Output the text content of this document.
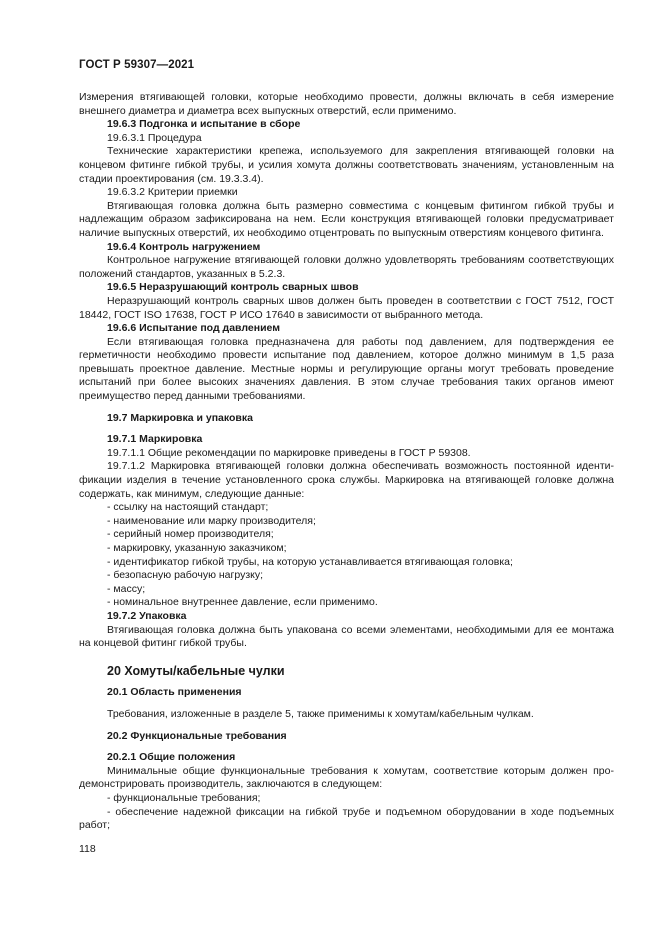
ГОСТ Р 59307—2021

Измерения втягивающей головки, которые необходимо провести, должны включать в себя измерение внешнего диаметра и диаметра всех выпускных отверстий, если применимо.

19.6.3 Подгонка и испытание в сборе

19.6.3.1 Процедура

Технические характеристики крепежа, используемого для закрепления втягивающей головки на концевом фитинге гибкой трубы, и усилия хомута должны соответствовать значениям, установленным на стадии проектирования (см. 19.3.3.4).

19.6.3.2 Критерии приемки

Втягивающая головка должна быть размерно совместима с концевым фитингом гибкой трубы и надлежащим образом зафиксирована на нем. Если конструкция втягивающей головки предусматривает наличие выпускных отверстий, их необходимо отцентровать по выпускным отверстиям концевого фитинга.

19.6.4 Контроль нагружением

Контрольное нагружение втягивающей головки должно удовлетворять требованиям соответствующих положений стандартов, указанных в 5.2.3.

19.6.5 Неразрушающий контроль сварных швов

Неразрушающий контроль сварных швов должен быть проведен в соответствии с ГОСТ 7512, ГОСТ 18442, ГОСТ ISO 17638, ГОСТ Р ИСО 17640 в зависимости от выбранного метода.

19.6.6 Испытание под давлением

Если втягивающая головка предназначена для работы под давлением, для подтверждения ее герметичности необходимо провести испытание под давлением, которое должно минимум в 1,5 раза превышать проектное давление. Местные нормы и регулирующие органы могут требовать проведение испытаний при более высоких значениях давления. В этом случае требования таких органов имеют преимущество перед данными требованиями.

19.7 Маркировка и упаковка

19.7.1 Маркировка

19.7.1.1 Общие рекомендации по маркировке приведены в ГОСТ Р 59308.

19.7.1.2 Маркировка втягивающей головки должна обеспечивать возможность постоянной идентификации изделия в течение установленного срока службы. Маркировка на втягивающей головке должна содержать, как минимум, следующие данные:

- ссылку на настоящий стандарт;

- наименование или марку производителя;

- серийный номер производителя;

- маркировку, указанную заказчиком;

- идентификатор гибкой трубы, на которую устанавливается втягивающая головка;

- безопасную рабочую нагрузку;

- массу;

- номинальное внутреннее давление, если применимо.

19.7.2 Упаковка

Втягивающая головка должна быть упакована со всеми элементами, необходимыми для ее монтажа на концевой фитинг гибкой трубы.

20 Хомуты/кабельные чулки

20.1 Область применения

Требования, изложенные в разделе 5, также применимы к хомутам/кабельным чулкам.

20.2 Функциональные требования

20.2.1 Общие положения

Минимальные общие функциональные требования к хомутам, соответствие которым должен продемонстрировать производитель, заключаются в следующем:

- функциональные требования;

- обеспечение надежной фиксации на гибкой трубе и подъемном оборудовании в ходе подъемных работ;

118
